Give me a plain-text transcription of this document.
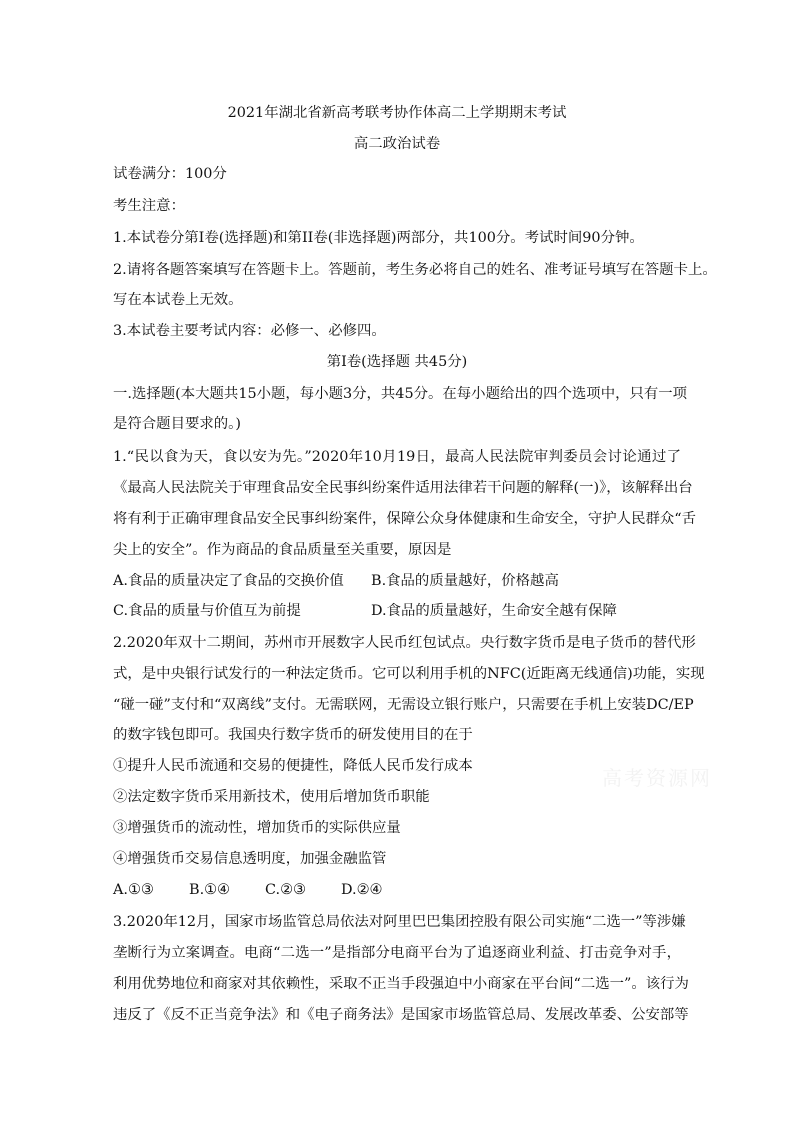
2021年湖北省新高考联考协作体高二上学期期末考试
高二政治试卷
试卷满分：100分
考生注意：
1.本试卷分第I卷(选择题)和第II卷(非选择题)两部分，共100分。考试时间90分钟。
2.请将各题答案填写在答题卡上。答题前，考生务必将自己的姓名、准考证号填写在答题卡上。
写在本试卷上无效。
3.本试卷主要考试内容：必修一、必修四。
第I卷(选择题 共45分)
一.选择题(本大题共15小题，每小题3分，共45分。在每小题给出的四个选项中，只有一项
是符合题目要求的。)
1.“民以食为天，食以安为先。”2020年10月19日，最高人民法院审判委员会讨论通过了
《最高人民法院关于审理食品安全民事纠纷案件适用法律若干问题的解释(一)》，该解释出台
将有利于正确审理食品安全民事纠纷案件，保障公众身体健康和生命安全，守护人民群众“舌
尖上的安全”。作为商品的食品质量至关重要，原因是
A.食品的质量决定了食品的交换价值 B.食品的质量越好，价格越高
C.食品的质量与价值互为前提	D.食品的质量越好，生命安全越有保障
2.2020年双十二期间，苏州市开展数字人民币红包试点。央行数字货币是电子货币的替代形
式，是中央银行试发行的一种法定货币。它可以利用手机的NFC(近距离无线通信)功能，实现
“碰一碰”支付和“双离线”支付。无需联网，无需设立银行账户，只需要在手机上安装DC/EP
的数字钱包即可。我国央行数字货币的研发使用目的在于
①提升人民币流通和交易的便捷性，降低人民币发行成本
②法定数字货币采用新技术，使用后增加货币职能
③增强货币的流动性，增加货币的实际供应量
④增强货币交易信息透明度，加强金融监管
A.①③ B.①④ C.②③ D.②④
3.2020年12月，国家市场监管总局依法对阿里巴巴集团控股有限公司实施“二选一”等涉嫌
垄断行为立案调查。电商“二选一”是指部分电商平台为了追逐商业利益、打击竞争对手，
利用优势地位和商家对其依赖性，采取不正当手段强迫中小商家在平台间“二选一”。该行为
违反了《反不正当竞争法》和《电子商务法》是国家市场监管总局、发展改革委、公安部等
高考资源网
